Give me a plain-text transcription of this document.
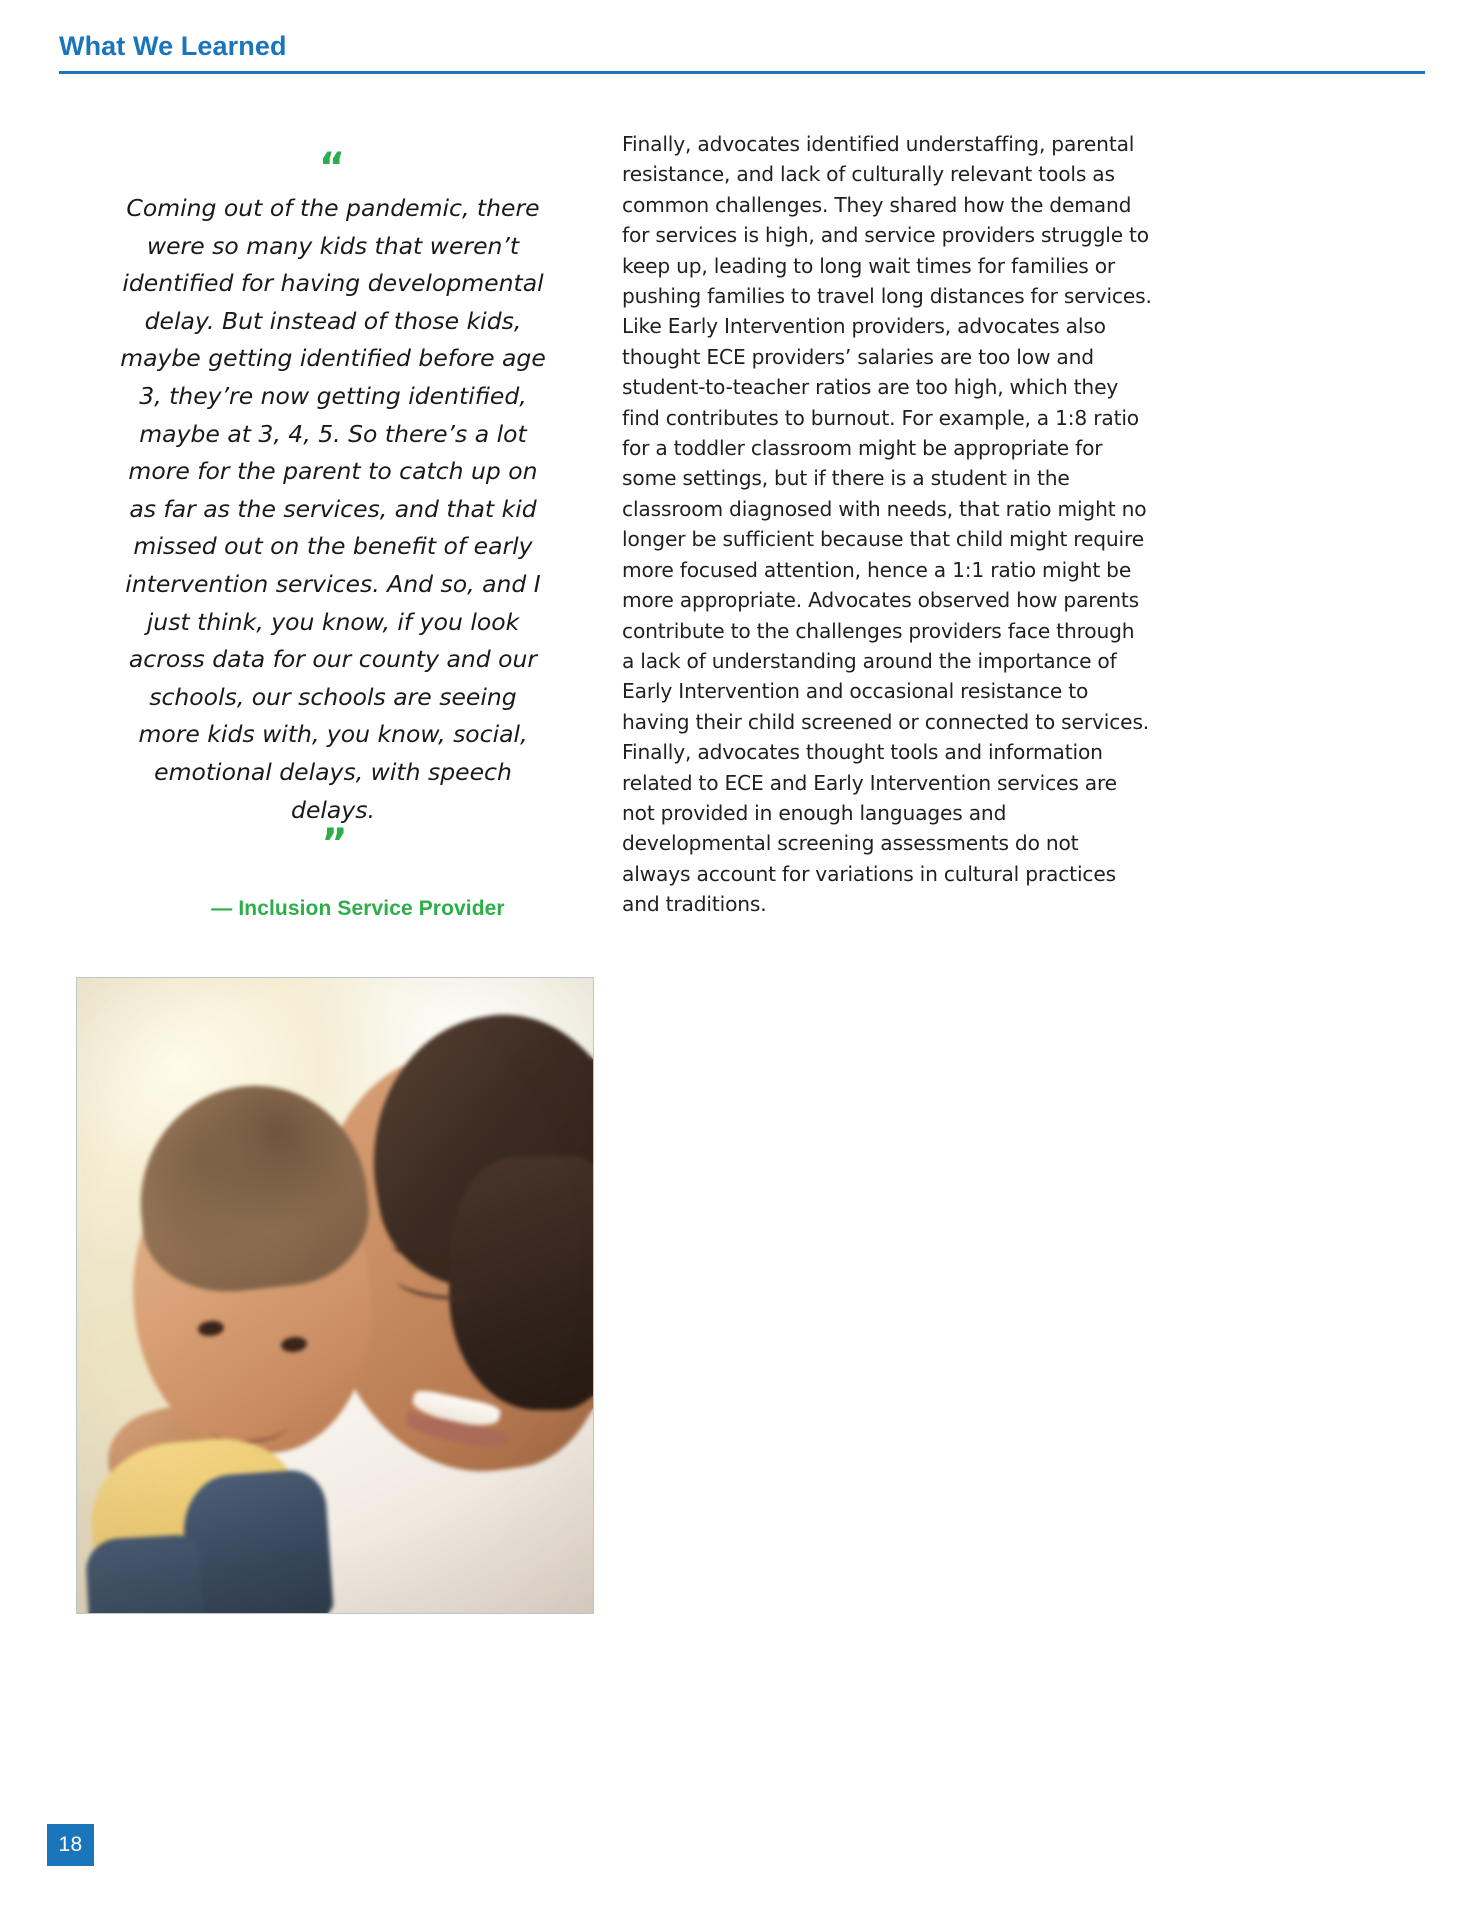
What We Learned
“
Coming out of the pandemic, there were so many kids that weren’t identified for having developmental delay. But instead of those kids, maybe getting identified before age 3, they’re now getting identified, maybe at 3, 4, 5. So there’s a lot more for the parent to catch up on as far as the services, and that kid missed out on the benefit of early intervention services. And so, and I just think, you know, if you look across data for our county and our schools, our schools are seeing more kids with, you know, social, emotional delays, with speech delays.
”
— Inclusion Service Provider

Finally, advocates identified understaffing, parental resistance, and lack of culturally relevant tools as common challenges. They shared how the demand for services is high, and service providers struggle to keep up, leading to long wait times for families or pushing families to travel long distances for services. Like Early Intervention providers, advocates also thought ECE providers’ salaries are too low and student-to-teacher ratios are too high, which they find contributes to burnout. For example, a 1:8 ratio for a toddler classroom might be appropriate for some settings, but if there is a student in the classroom diagnosed with needs, that ratio might no longer be sufficient because that child might require more focused attention, hence a 1:1 ratio might be more appropriate. Advocates observed how parents contribute to the challenges providers face through a lack of understanding around the importance of Early Intervention and occasional resistance to having their child screened or connected to services. Finally, advocates thought tools and information related to ECE and Early Intervention services are not provided in enough languages and developmental screening assessments do not always account for variations in cultural practices and traditions.

18
